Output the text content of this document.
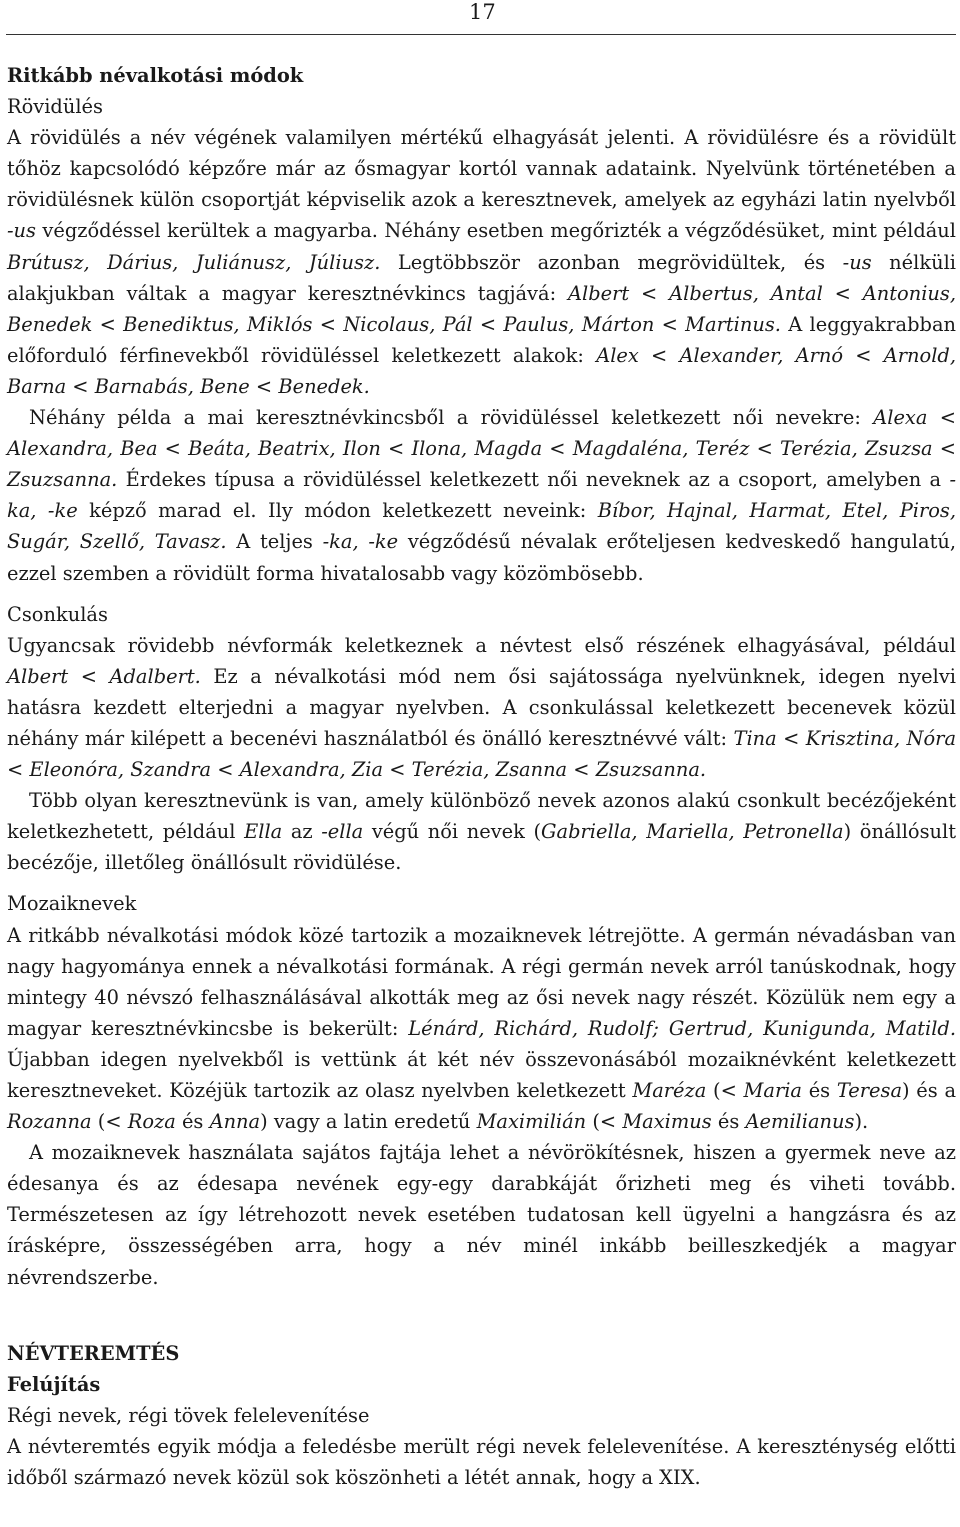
17
Ritkább névalkotási módok
Rövidülés

A rövidülés a név végének valamilyen mértékű elhagyását jelenti. A rövidülésre és a rövidült tőhöz kapcsolódó képzőre már az ősmagyar kortól vannak adataink. Nyelvünk történetében a rövidülésnek külön csoportját képviselik azok a keresztnevek, amelyek az egyházi latin nyelvből -us végződéssel kerültek a magyarba. Néhány esetben megőrizték a végződésüket, mint például Brútusz, Dárius, Juliánusz, Júliusz. Legtöbbször azonban megrövidültek, és -us nélküli alakjukban váltak a magyar keresztnévkincs tagjává: Albert < Albertus, Antal < Antonius, Benedek < Benediktus, Miklós < Nicolaus, Pál < Paulus, Márton < Martinus. A leggyakrabban előforduló férfinevekből rövidüléssel keletkezett alakok: Alex < Alexander, Arnó < Arnold, Barna < Barnabás, Bene < Benedek.

Néhány példa a mai keresztnévkincsből a rövidüléssel keletkezett női nevekre: Alexa < Alexandra, Bea < Beáta, Beatrix, Ilon < Ilona, Magda < Magdaléna, Teréz < Terézia, Zsuzsa < Zsuzsanna. Érdekes típusa a rövidüléssel keletkezett női neveknek az a csoport, amelyben a -ka, -ke képző marad el. Ily módon keletkezett neveink: Bíbor, Hajnal, Harmat, Etel, Piros, Sugár, Szellő, Tavasz. A teljes -ka, -ke végződésű névalak erőteljesen kedveskedő hangulatú, ezzel szemben a rövidült forma hivatalosabb vagy közömbösebb.

Csonkulás

Ugyancsak rövidebb névformák keletkeznek a névtest első részének elhagyásával, például Albert < Adalbert. Ez a névalkotási mód nem ősi sajátossága nyelvünknek, idegen nyelvi hatásra kezdett elterjedni a magyar nyelvben. A csonkulással keletkezett becenevek közül néhány már kilépett a becenévi használatból és önálló keresztnévvé vált: Tina < Krisztina, Nóra < Eleonóra, Szandra < Alexandra, Zia < Terézia, Zsanna < Zsuzsanna.

Több olyan keresztnevünk is van, amely különböző nevek azonos alakú csonkult becézőjeként keletkezhetett, például Ella az -ella végű női nevek (Gabriella, Mariella, Petronella) önállósult becézője, illetőleg önállósult rövidülése.

Mozaiknevek

A ritkább névalkotási módok közé tartozik a mozaiknevek létrejötte. A germán névadásban van nagy hagyománya ennek a névalkotási formának. A régi germán nevek arról tanúskodnak, hogy mintegy 40 névszó felhasználásával alkották meg az ősi nevek nagy részét. Közülük nem egy a magyar keresztnévkincsbe is bekerült: Lénárd, Richárd, Rudolf; Gertrud, Kunigunda, Matild. Újabban idegen nyelvekből is vettünk át két név összevonásából mozaiknévként keletkezett keresztneveket. Közéjük tartozik az olasz nyelvben keletkezett Maréza (< Maria és Teresa) és a Rozanna (< Roza és Anna) vagy a latin eredetű Maximilián (< Maximus és Aemilianus).

A mozaiknevek használata sajátos fajtája lehet a névörökítésnek, hiszen a gyermek neve az édesanya és az édesapa nevének egy-egy darabkáját őrizheti meg és viheti tovább. Természetesen az így létrehozott nevek esetében tudatosan kell ügyelni a hangzásra és az írásképre, összességében arra, hogy a név minél inkább beilleszkedjék a magyar névrendszerbe.

NÉVTEREMTÉS
Felújítás
Régi nevek, régi tövek felelevenítése

A névteremtés egyik módja a feledésbe merült régi nevek felelevenítése. A kereszténység előtti időből származó nevek közül sok köszönheti a létét annak, hogy a XIX.
